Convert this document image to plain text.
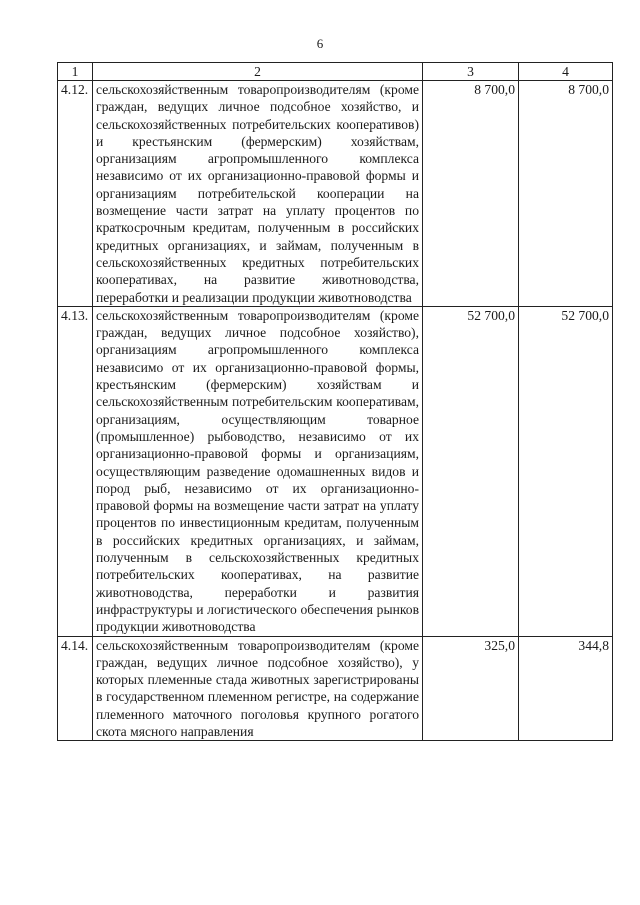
6
1	2	3	4
4.12.	сельскохозяйственным товаропроизводителям (кроме граждан, ведущих личное подсобное хозяйство, и сельскохозяйственных потребительских кооперативов) и крестьянским (фермерским) хозяйствам, организациям агропромышленного комплекса независимо от их организационно-правовой формы и организациям потребительской кооперации на возмещение части затрат на уплату процентов по краткосрочным кредитам, полученным в российских кредитных организациях, и займам, полученным в сельскохозяйственных кредитных потребительских кооперативах, на развитие животноводства, переработки и реализации продукции животноводства	8 700,0	8 700,0
4.13.	сельскохозяйственным товаропроизводителям (кроме граждан, ведущих личное подсобное хозяйство), организациям агропромышленного комплекса независимо от их организационно-правовой формы, крестьянским (фермерским) хозяйствам и сельскохозяйственным потребительским кооперативам, организациям, осуществляющим товарное (промышленное) рыбоводство, независимо от их организационно-правовой формы и организациям, осуществляющим разведение одомашненных видов и пород рыб, независимо от их организационно-правовой формы на возмещение части затрат на уплату процентов по инвестиционным кредитам, полученным в российских кредитных организациях, и займам, полученным в сельскохозяйственных кредитных потребительских кооперативах, на развитие животноводства, переработки и развития инфраструктуры и логистического обеспечения рынков продукции животноводства	52 700,0	52 700,0
4.14.	сельскохозяйственным товаропроизводителям (кроме граждан, ведущих личное подсобное хозяйство), у которых племенные стада животных зарегистрированы в государственном племенном регистре, на содержание племенного маточного поголовья крупного рогатого скота мясного направления	325,0	344,8
